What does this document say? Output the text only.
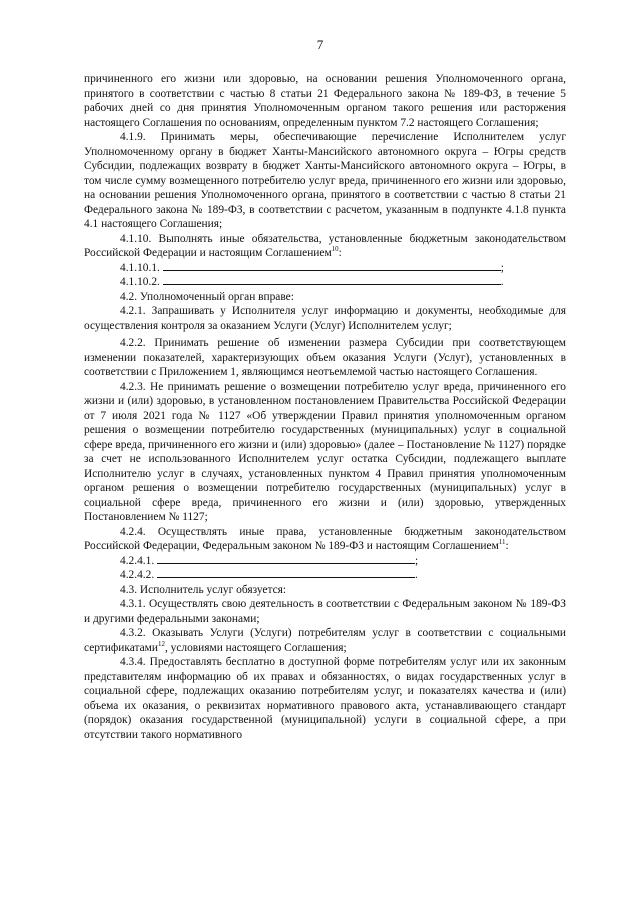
7

причиненного его жизни или здоровью, на основании решения Уполномоченного органа, принятого в соответствии с частью 8 статьи 21 Федерального закона № 189-ФЗ, в течение 5 рабочих дней со дня принятия Уполномоченным органом такого решения или расторжения настоящего Соглашения по основаниям, определенным пунктом 7.2 настоящего Соглашения;

4.1.9. Принимать меры, обеспечивающие перечисление Исполнителем услуг Уполномоченному органу в бюджет Ханты-Мансийского автономного округа – Югры средств Субсидии, подлежащих возврату в бюджет Ханты-Мансийского автономного округа – Югры, в том числе сумму возмещенного потребителю услуг вреда, причиненного его жизни или здоровью, на основании решения Уполномоченного органа, принятого в соответствии с частью 8 статьи 21 Федерального закона № 189-ФЗ, в соответствии с расчетом, указанным в подпункте 4.1.8 пункта 4.1 настоящего Соглашения;

4.1.10. Выполнять иные обязательства, установленные бюджетным законодательством Российской Федерации и настоящим Соглашением$^{10}$:

4.1.10.1.	;

4.1.10.2.	.

4.2. Уполномоченный орган вправе:

4.2.1. Запрашивать у Исполнителя услуг информацию и документы, необходимые для осуществления контроля за оказанием Услуги (Услуг) Исполнителем услуг;

4.2.2. Принимать решение об изменении размера Субсидии при соответствующем изменении показателей, характеризующих объем оказания Услуги (Услуг), установленных в соответствии с Приложением 1, являющимся неотъемлемой частью настоящего Соглашения.

4.2.3. Не принимать решение о возмещении потребителю услуг вреда, причиненного его жизни и (или) здоровью, в установленном постановлением Правительства Российской Федерации от 7 июля 2021 года № 1127 «Об утверждении Правил принятия уполномоченным органом решения о возмещении потребителю государственных (муниципальных) услуг в социальной сфере вреда, причиненного его жизни и (или) здоровью» (далее – Постановление № 1127) порядке за счет не использованного Исполнителем услуг остатка Субсидии, подлежащего выплате Исполнителю услуг в случаях, установленных пунктом 4 Правил принятия уполномоченным органом решения о возмещении потребителю государственных (муниципальных) услуг в социальной сфере вреда, причиненного его жизни и (или) здоровью, утвержденных Постановлением № 1127;

4.2.4. Осуществлять иные права, установленные бюджетным законодательством Российской Федерации, Федеральным законом № 189-ФЗ и настоящим Соглашением$^{11}$:

4.2.4.1.	;

4.2.4.2.	.

4.3. Исполнитель услуг обязуется:

4.3.1. Осуществлять свою деятельность в соответствии с Федеральным законом № 189-ФЗ и другими федеральными законами;

4.3.2. Оказывать Услуги (Услуги) потребителям услуг в соответствии с социальными сертификатами$^{12}$, условиями настоящего Соглашения;

4.3.4. Предоставлять бесплатно в доступной форме потребителям услуг или их законным представителям информацию об их правах и обязанностях, о видах государственных услуг в социальной сфере, подлежащих оказанию потребителям услуг, и показателях качества и (или) объема их оказания, о реквизитах нормативного правового акта, устанавливающего стандарт (порядок) оказания государственной (муниципальной) услуги в социальной сфере, а при отсутствии такого нормативного
